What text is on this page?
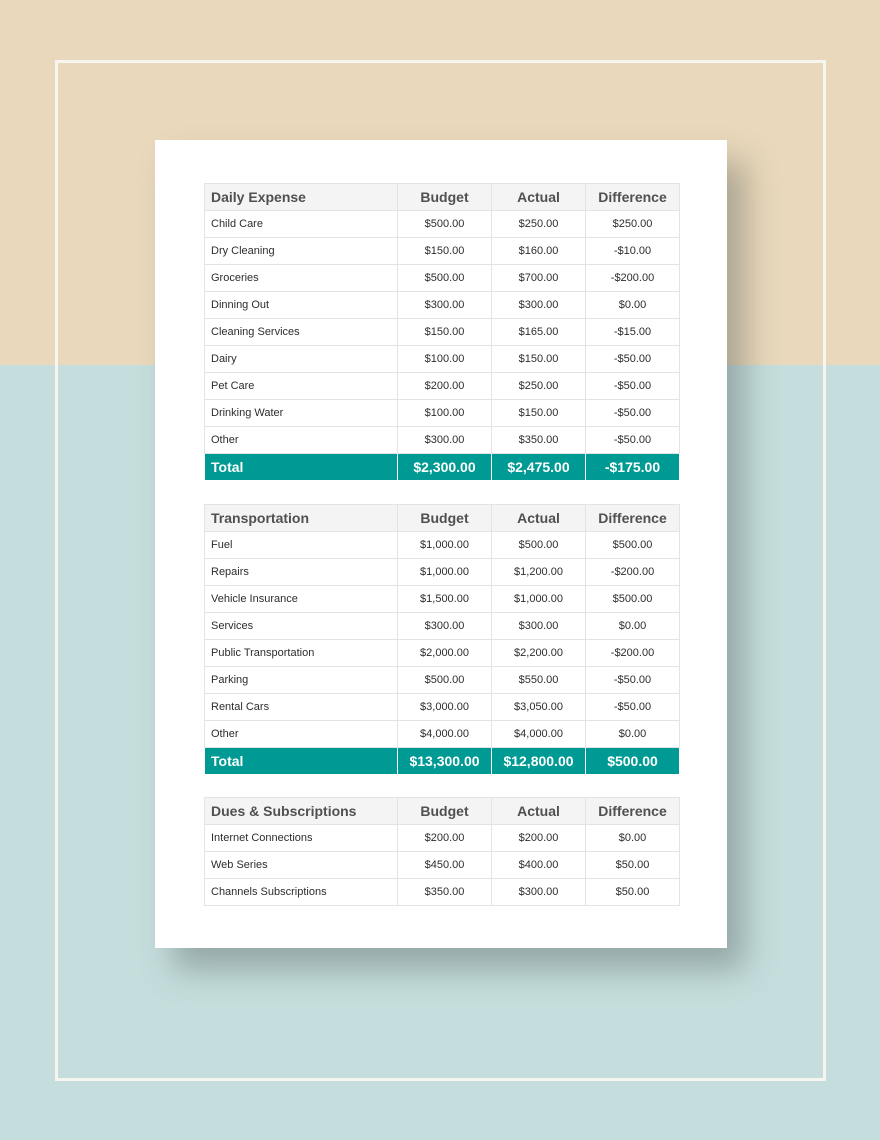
Daily Expense	Budget	Actual	Difference
Child Care	$500.00	$250.00	$250.00
Dry Cleaning	$150.00	$160.00	-$10.00
Groceries	$500.00	$700.00	-$200.00
Dinning Out	$300.00	$300.00	$0.00
Cleaning Services	$150.00	$165.00	-$15.00
Dairy	$100.00	$150.00	-$50.00
Pet Care	$200.00	$250.00	-$50.00
Drinking Water	$100.00	$150.00	-$50.00
Other	$300.00	$350.00	-$50.00
Total	$2,300.00	$2,475.00	-$175.00
Transportation	Budget	Actual	Difference
Fuel	$1,000.00	$500.00	$500.00
Repairs	$1,000.00	$1,200.00	-$200.00
Vehicle Insurance	$1,500.00	$1,000.00	$500.00
Services	$300.00	$300.00	$0.00
Public Transportation	$2,000.00	$2,200.00	-$200.00
Parking	$500.00	$550.00	-$50.00
Rental Cars	$3,000.00	$3,050.00	-$50.00
Other	$4,000.00	$4,000.00	$0.00
Total	$13,300.00	$12,800.00	$500.00
Dues & Subscriptions	Budget	Actual	Difference
Internet Connections	$200.00	$200.00	$0.00
Web Series	$450.00	$400.00	$50.00
Channels Subscriptions	$350.00	$300.00	$50.00
